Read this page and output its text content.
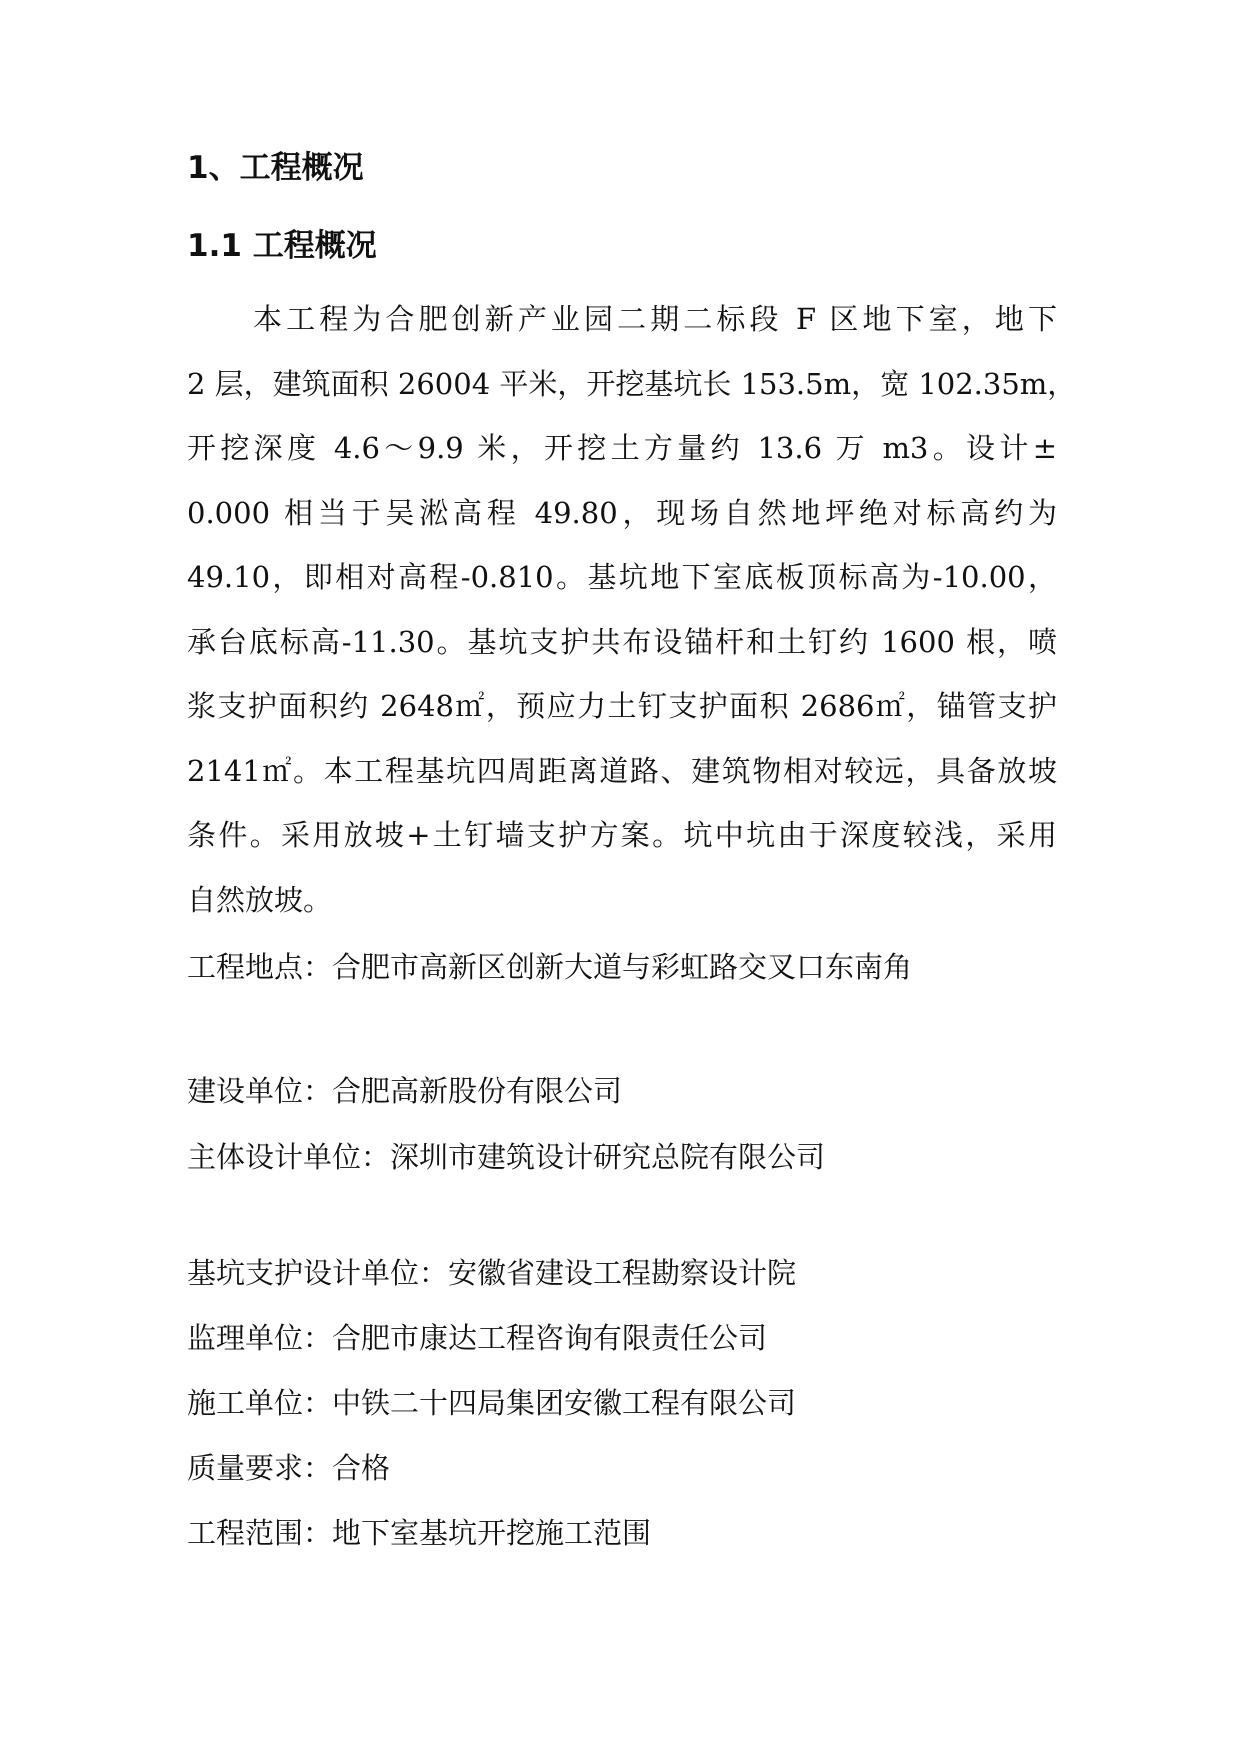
1、工程概况
1.1 工程概况
本工程为合肥创新产业园二期二标段 F 区地下室，地下
2 层，建筑面积 26004 平米，开挖基坑长 153.5m，宽 102.35m，
开挖深度 4.6～9.9 米，开挖土方量约 13.6 万 m3。设计±
0.000 相当于吴淞高程 49.80，现场自然地坪绝对标高约为
49.10，即相对高程-0.810。基坑地下室底板顶标高为-10.00，
承台底标高-11.30。基坑支护共布设锚杆和土钉约 1600 根，喷
浆支护面积约 2648㎡，预应力土钉支护面积 2686㎡，锚管支护
2141㎡。本工程基坑四周距离道路、建筑物相对较远，具备放坡
条件。采用放坡+土钉墙支护方案。坑中坑由于深度较浅，采用
自然放坡。
工程地点：合肥市高新区创新大道与彩虹路交叉口东南角
建设单位：合肥高新股份有限公司
主体设计单位：深圳市建筑设计研究总院有限公司
基坑支护设计单位：安徽省建设工程勘察设计院
监理单位：合肥市康达工程咨询有限责任公司
施工单位：中铁二十四局集团安徽工程有限公司
质量要求：合格
工程范围：地下室基坑开挖施工范围
